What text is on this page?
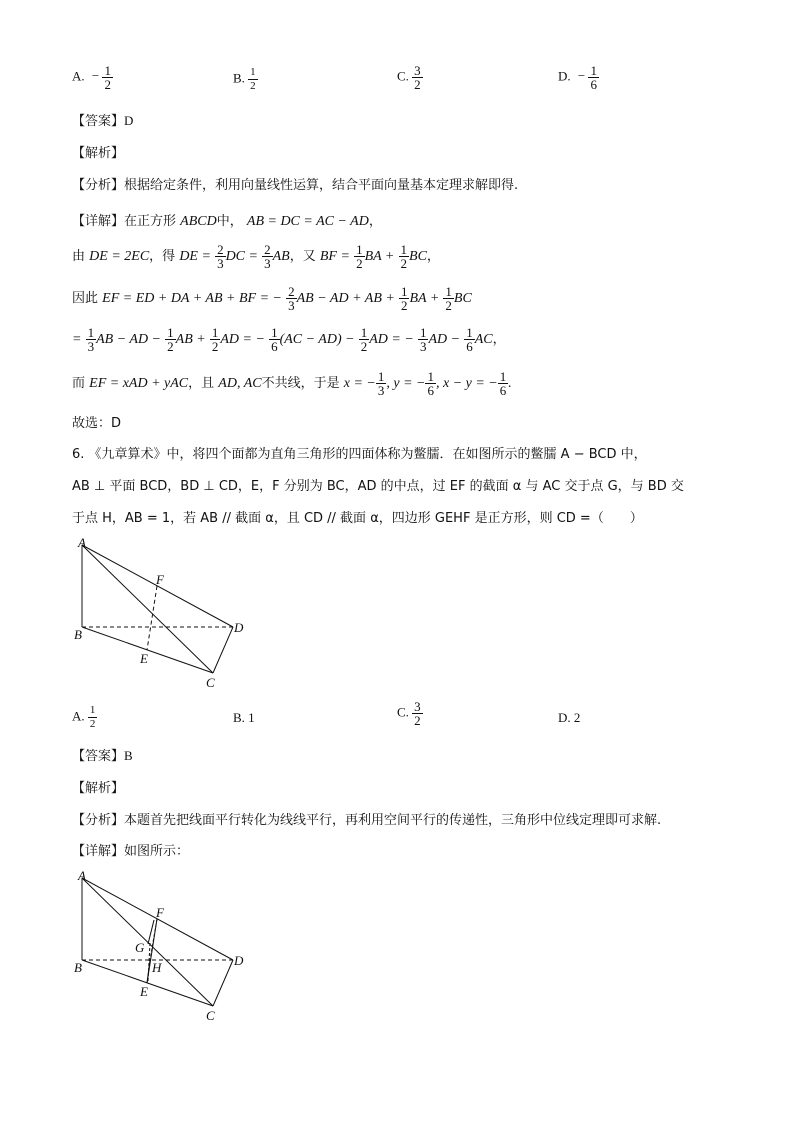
A. − $\frac{1}{2}$	B. $\frac{1}{2}$	C. $\frac{3}{2}$	D. − $\frac{1}{6}$
【答案】D
【解析】
【分析】根据给定条件，利用向量线性运算，结合平面向量基本定理求解即得.
【详解】在正方形 ABCD中， AB = DC = AC − AD，
由 DE = 2EC，得 DE = $\frac{2}{3}$ DC = $\frac{2}{3}$ AB，又 BF = $\frac{1}{2}$ BA + $\frac{1}{2}$ BC，
因此 EF = ED + DA + AB + BF = − $\frac{2}{3}$ AB − AD + AB + $\frac{1}{2}$ BA + $\frac{1}{2}$ BC
= $\frac{1}{3}$ AB − AD − $\frac{1}{2}$ AB + $\frac{1}{2}$ AD = − $\frac{1}{6} (AC - AD) - \frac{1}{2}$ AD = − $\frac{1}{3}$ AD − $\frac{1}{6}$ AC，
而 EF = xAD + yAC，且 AD, AC不共线，于是 x = − $\frac{1}{3}$ , y = − $\frac{1}{6}$ , x − y = − $\frac{1}{6}$ .
故选：D
6. 《九章算术》中，将四个面都为直角三角形的四面体称为鳖臑．在如图所示的鳖臑 A − BCD 中，
AB ⊥ 平面 BCD，BD ⊥ CD，E，F 分别为 BC，AD 的中点，过 EF 的截面 α 与 AC 交于点 G，与 BD 交
于点 H，AB = 1，若 AB // 截面 α，且 CD // 截面 α，四边形 GEHF 是正方形，则 CD =（　　）
A
F
D
B
E
C
A. $\frac{1}{2}$	B. 1	C. $\frac{3}{2}$	D. 2
【答案】B
【解析】
【分析】本题首先把线面平行转化为线线平行，再利用空间平行的传递性，三角形中位线定理即可求解.
【详解】如图所示：
A
F
G
H	D
B
E
C
